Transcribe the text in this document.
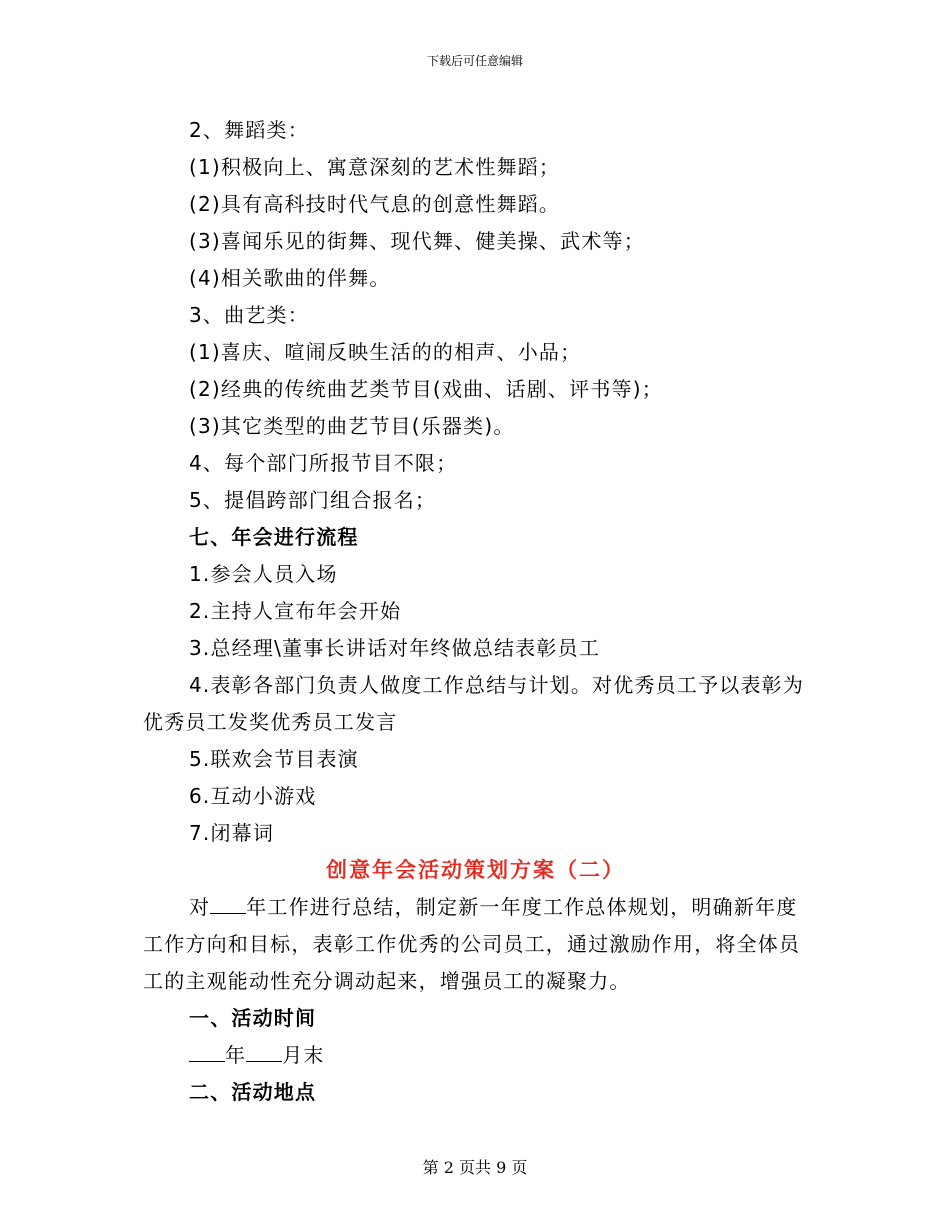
下载后可任意编辑

2、舞蹈类：

(1)积极向上、寓意深刻的艺术性舞蹈；

(2)具有高科技时代气息的创意性舞蹈。

(3)喜闻乐见的街舞、现代舞、健美操、武术等；

(4)相关歌曲的伴舞。

3、曲艺类：

(1)喜庆、喧闹反映生活的的相声、小品；

(2)经典的传统曲艺类节目(戏曲、话剧、评书等)；

(3)其它类型的曲艺节目(乐器类)。

4、每个部门所报节目不限；

5、提倡跨部门组合报名；

七、年会进行流程

1.参会人员入场

2.主持人宣布年会开始

3.总经理\董事长讲话对年终做总结表彰员工

4.表彰各部门负责人做度工作总结与计划。对优秀员工予以表彰为优秀员工发奖优秀员工发言

5.联欢会节目表演

6.互动小游戏

7.闭幕词

创意年会活动策划方案（二）

对 年工作进行总结，制定新一年度工作总体规划，明确新年度工作方向和目标，表彰工作优秀的公司员工，通过激励作用，将全体员工的主观能动性充分调动起来，增强员工的凝聚力。

一、活动时间

年 月末

二、活动地点

第 2 页共 9 页
